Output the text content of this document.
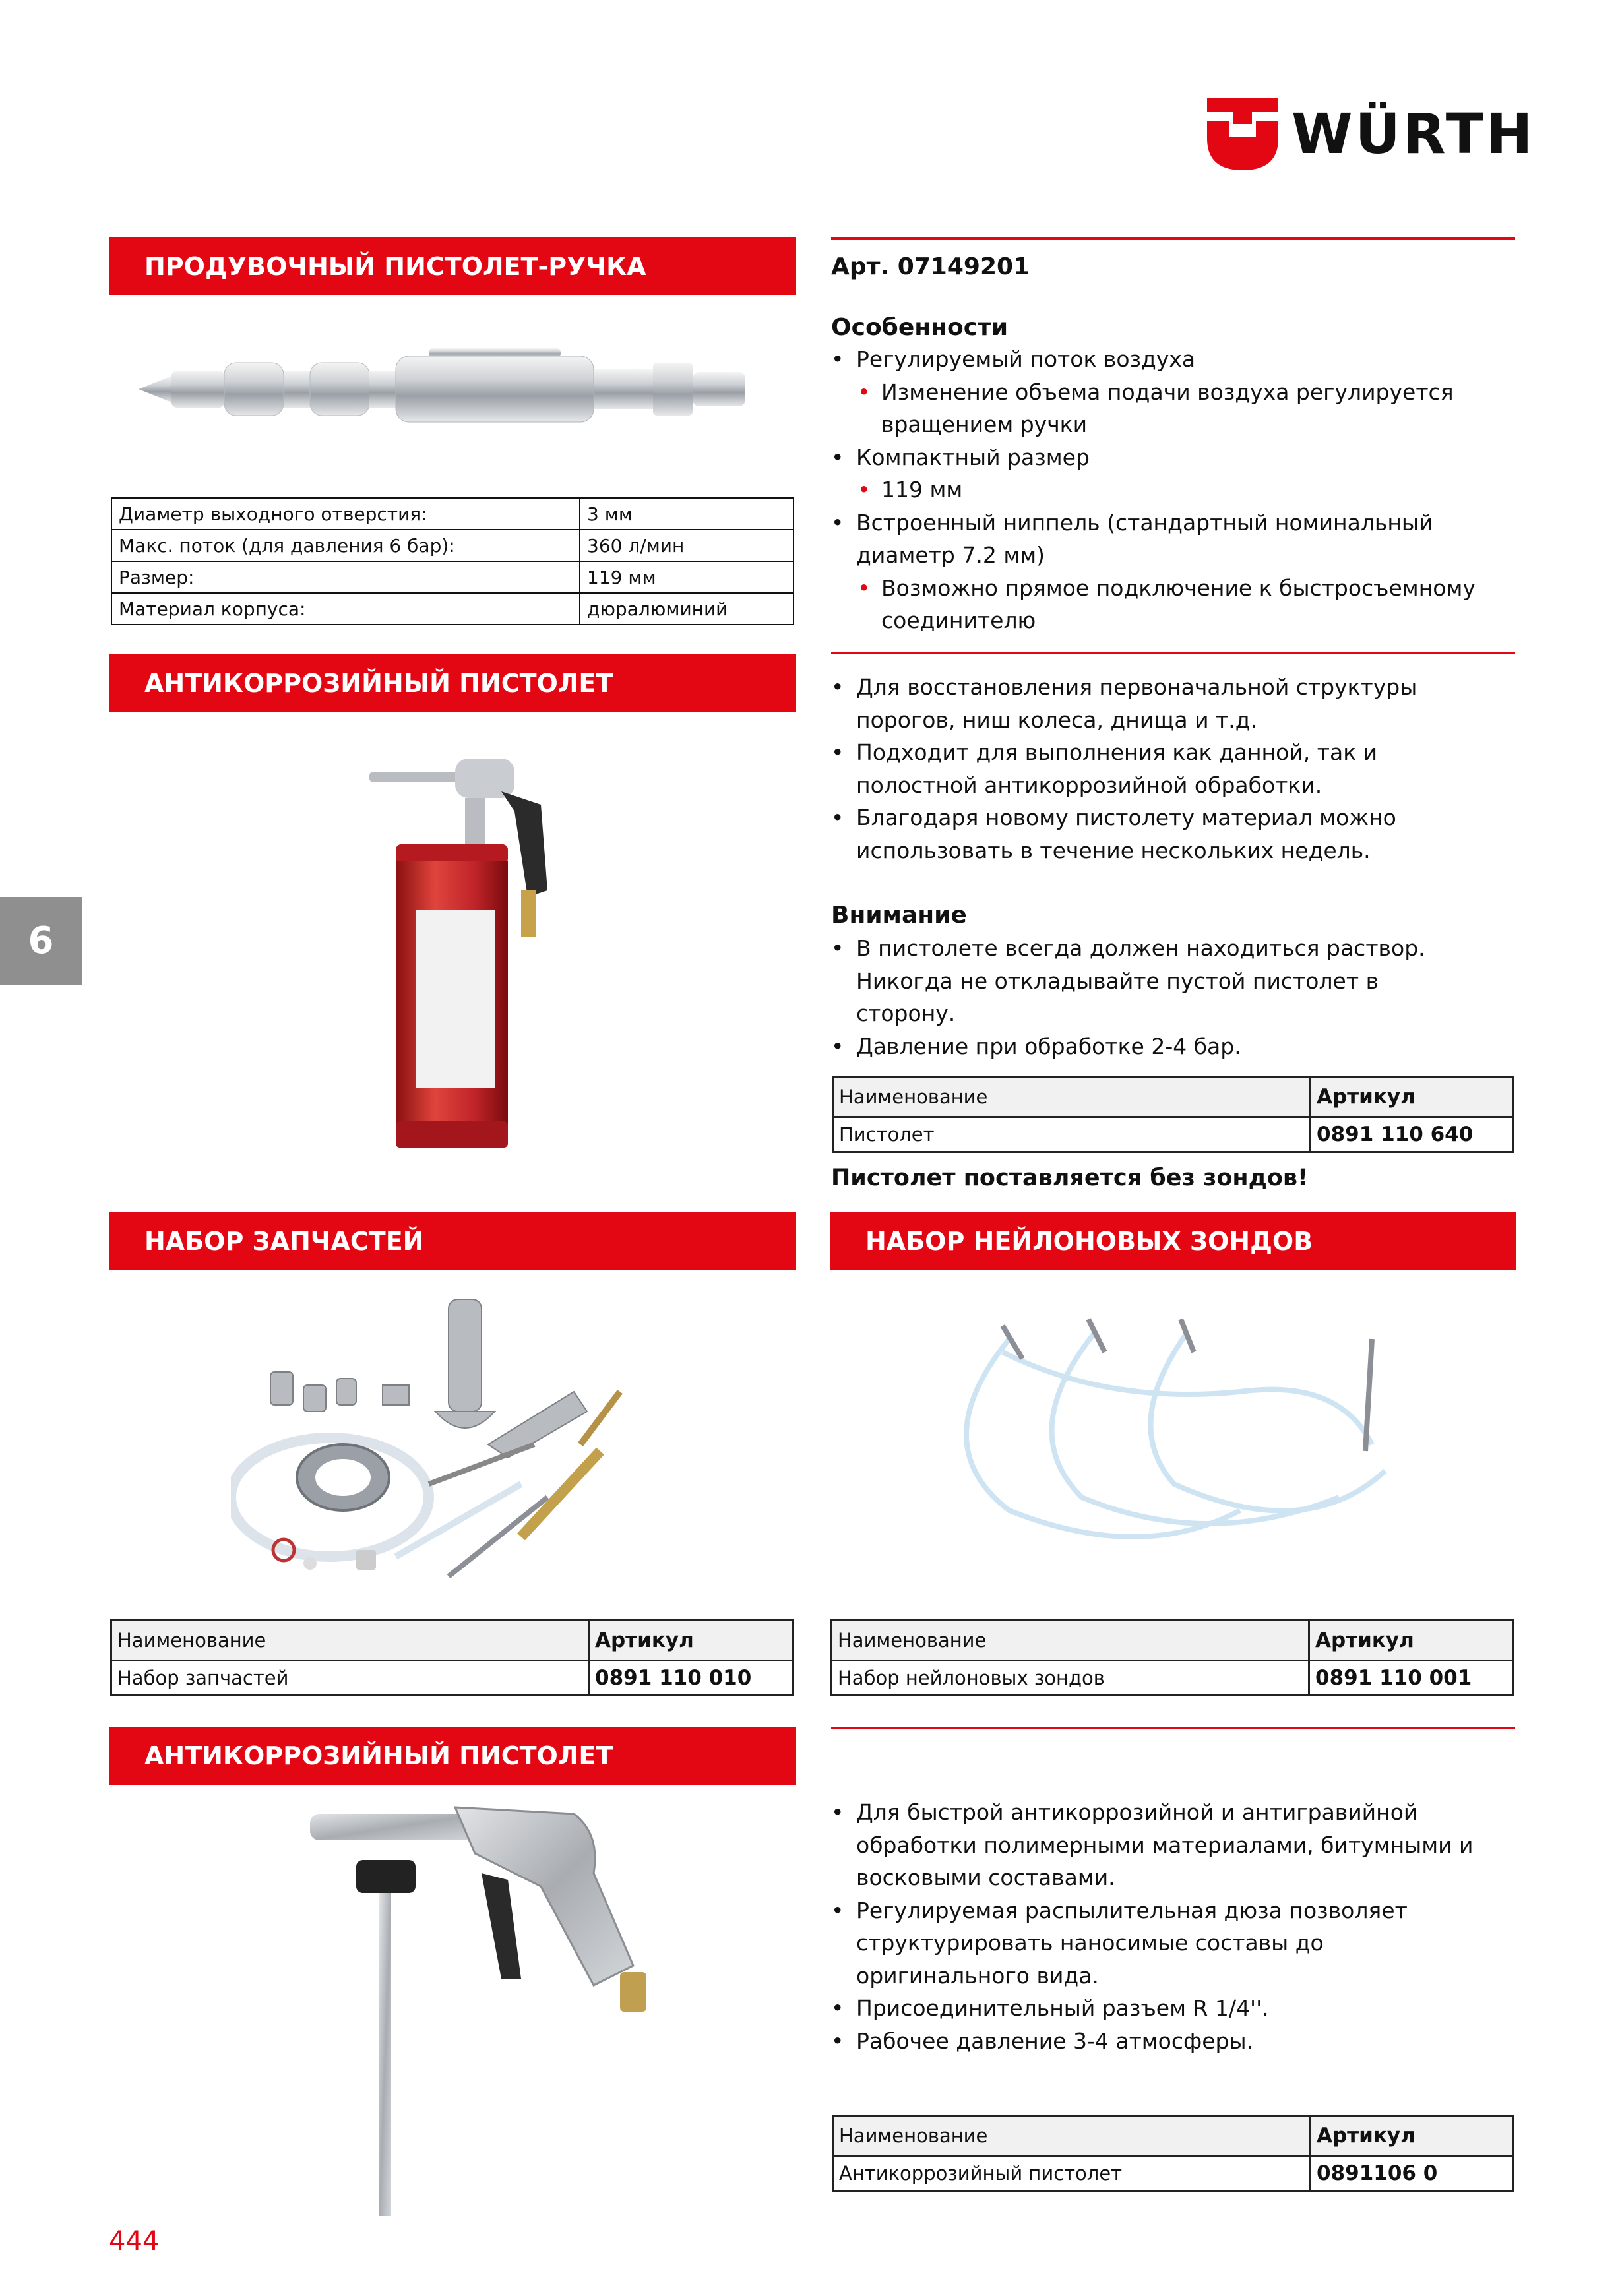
WÜRTH
ПРОДУВОЧНЫЙ ПИСТОЛЕТ-РУЧКА	Арт. 07149201
Особенности
• Регулируемый поток воздуха
• Изменение объема подачи воздуха регулируется вращением ручки
• Компактный размер
• 119 мм
• Встроенный ниппель (стандартный номинальный диаметр 7.2 мм)
• Возможно прямое подключение к быстросъемному соединителю
Диаметр выходного отверстия:	3 мм
Макс. поток (для давления 6 бар):	360 л/мин
Размер:	119 мм
Материал корпуса:	дюралюминий
АНТИКОРРОЗИЙНЫЙ ПИСТОЛЕТ
6
• Для восстановления первоначальной структуры порогов, ниш колеса, днища и т.д.
• Подходит для выполнения как данной, так и полостной антикоррозийной обработки.
• Благодаря новому пистолету материал можно использовать в течение нескольких недель.
Внимание
• В пистолете всегда должен находиться раствор. Никогда не откладывайте пустой пистолет в сторону.
• Давление при обработке 2-4 бар.
Наименование	Артикул
Пистолет	0891 110 640
Пистолет поставляется без зондов!
НАБОР ЗАПЧАСТЕЙ	НАБОР НЕЙЛОНОВЫХ ЗОНДОВ
Наименование	Артикул
Набор запчастей	0891 110 010
Наименование	Артикул
Набор нейлоновых зондов	0891 110 001
АНТИКОРРОЗИЙНЫЙ ПИСТОЛЕТ
• Для быстрой антикоррозийной и антигравийной обработки полимерными материалами, битумными и восковыми составами.
• Регулируемая распылительная дюза позволяет структурировать наносимые составы до оригинального вида.
• Присоединительный разъем R 1/4''.
• Рабочее давление 3-4 атмосферы.
Наименование	Артикул
Антикоррозийный пистолет	0891106 0
444
